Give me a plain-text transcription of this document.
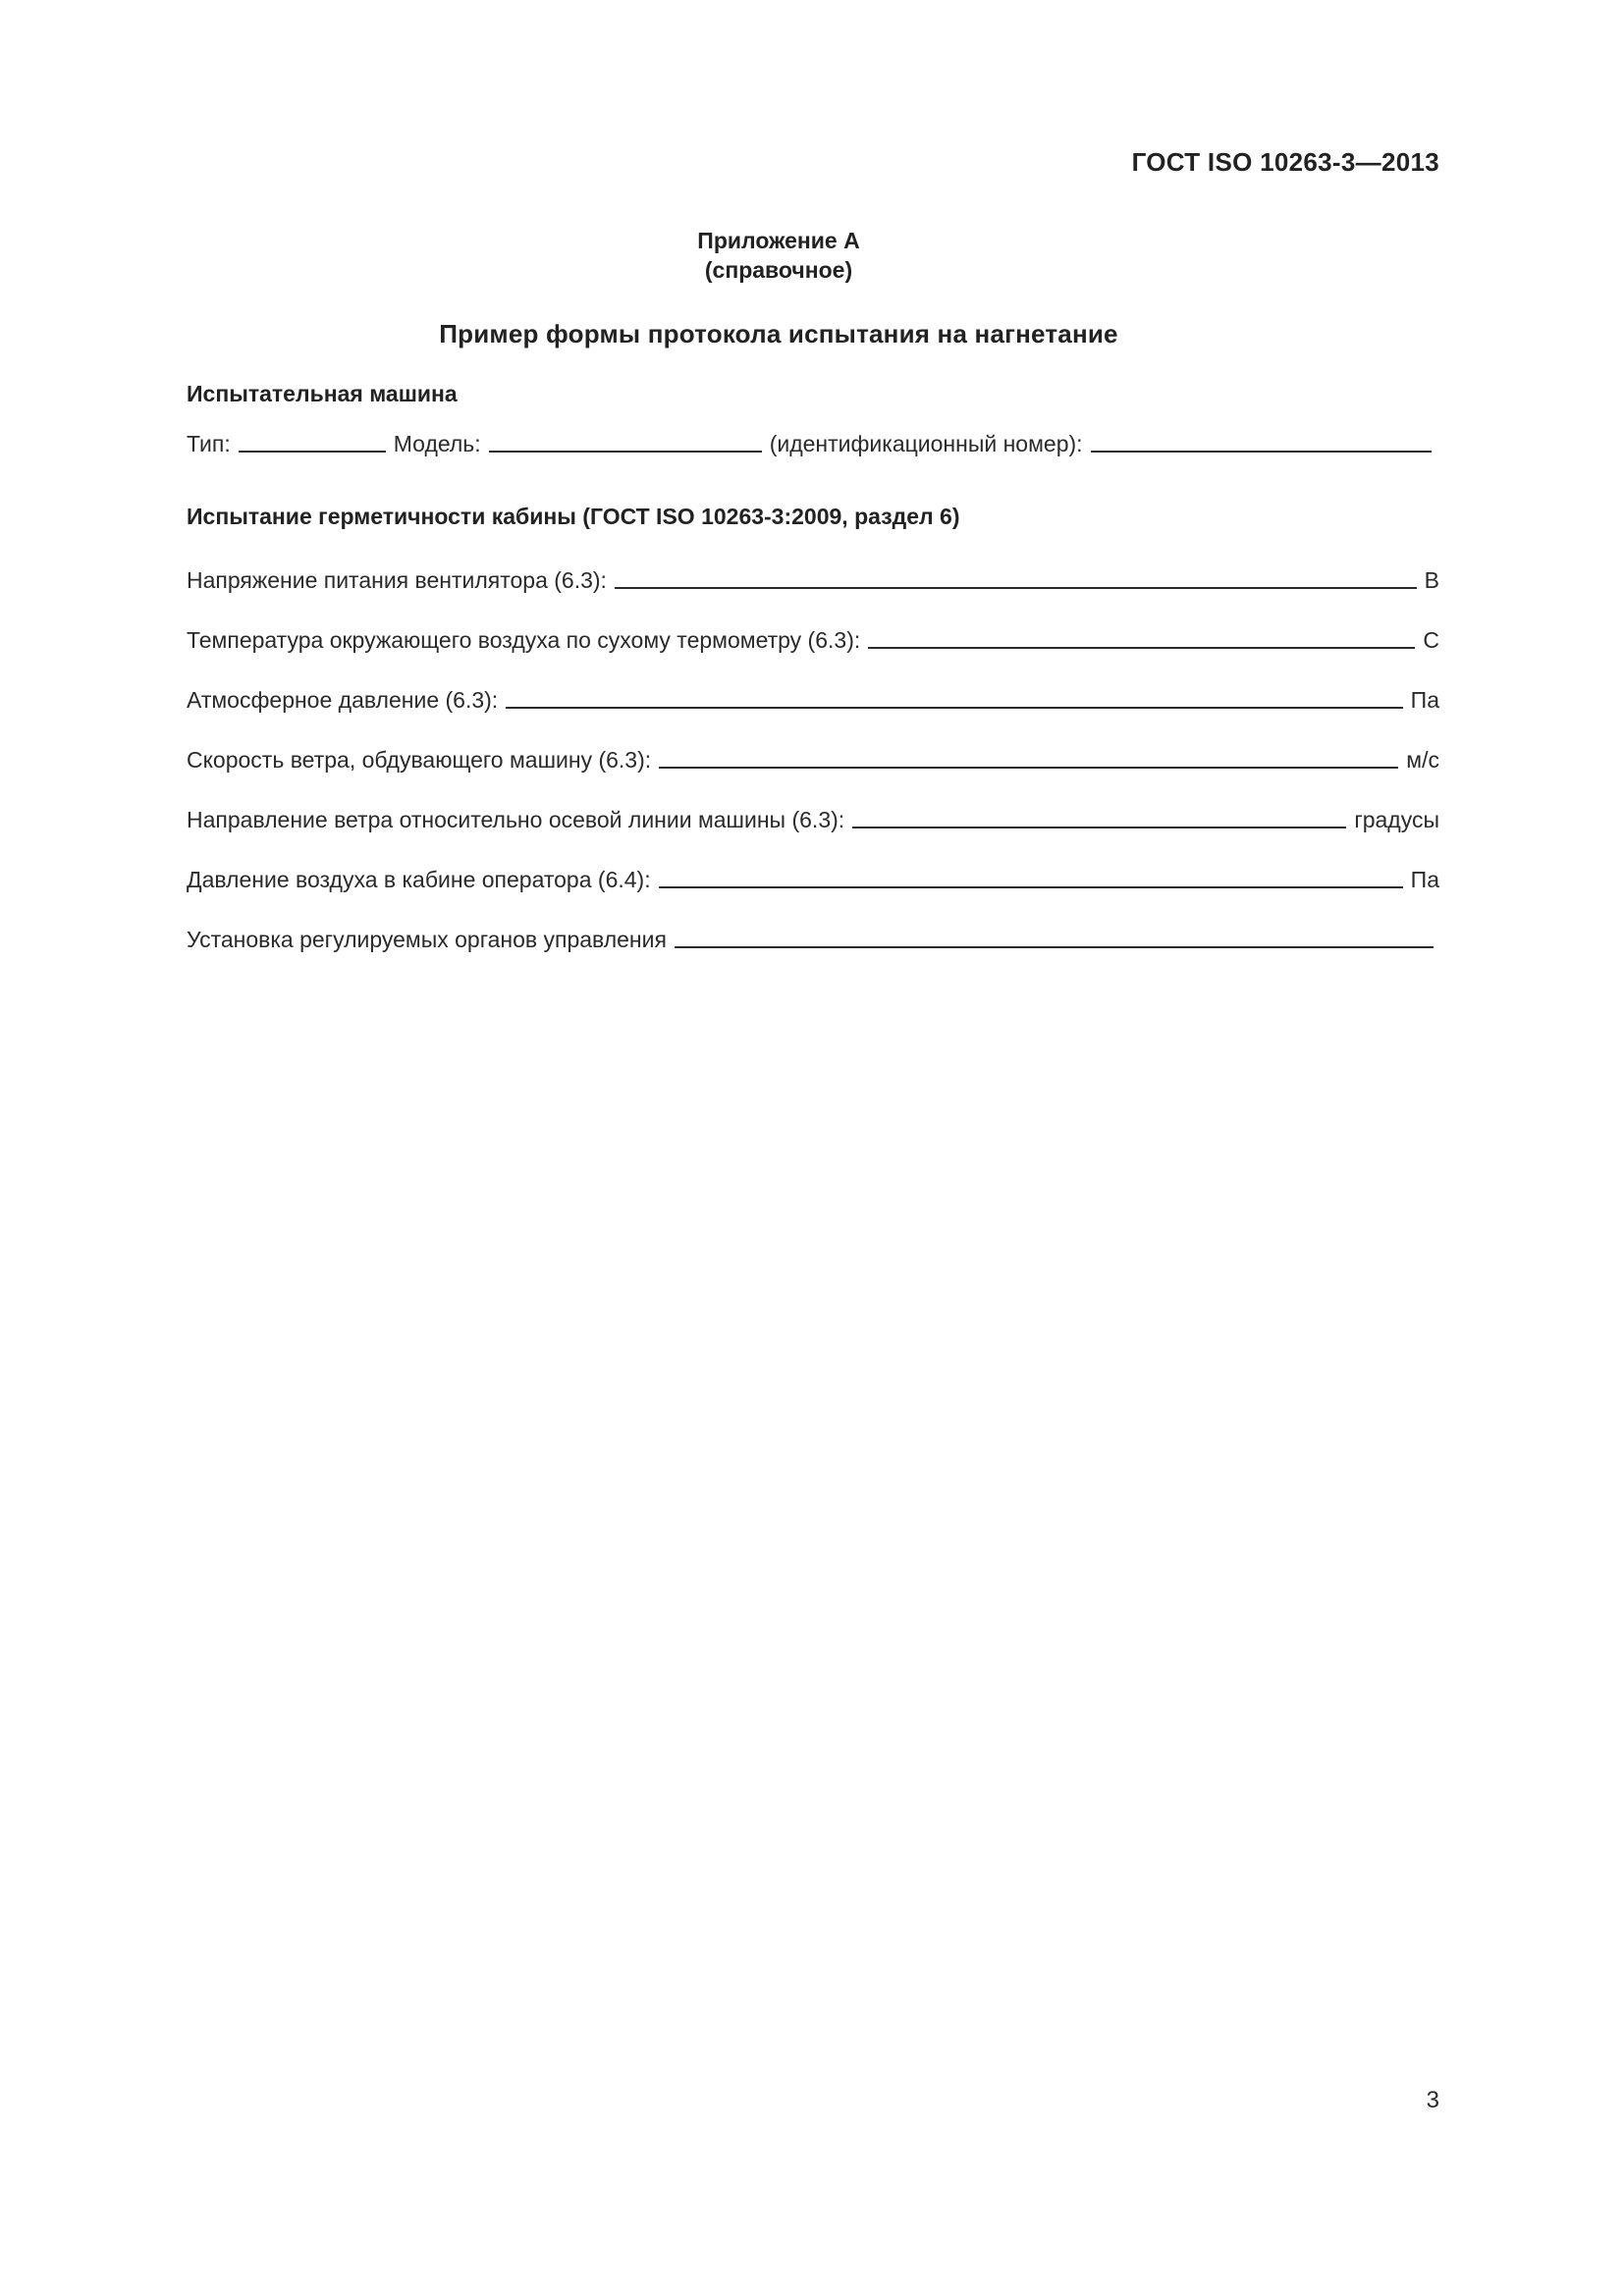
ГОСТ ISO 10263-3—2013
Приложение А
(справочное)
Пример формы протокола испытания на нагнетание
Испытательная машина
Тип:	Модель:	(идентификационный номер):
Испытание герметичности кабины (ГОСТ ISO 10263-3:2009, раздел 6)
Напряжение питания вентилятора (6.3):	В
Температура окружающего воздуха по сухому термометру (6.3):	С
Атмосферное давление (6.3):	Па
Скорость ветра, обдувающего машину (6.3):	м/с
Направление ветра относительно осевой линии машины (6.3):	градусы
Давление воздуха в кабине оператора (6.4):	Па
Установка регулируемых органов управления
3
